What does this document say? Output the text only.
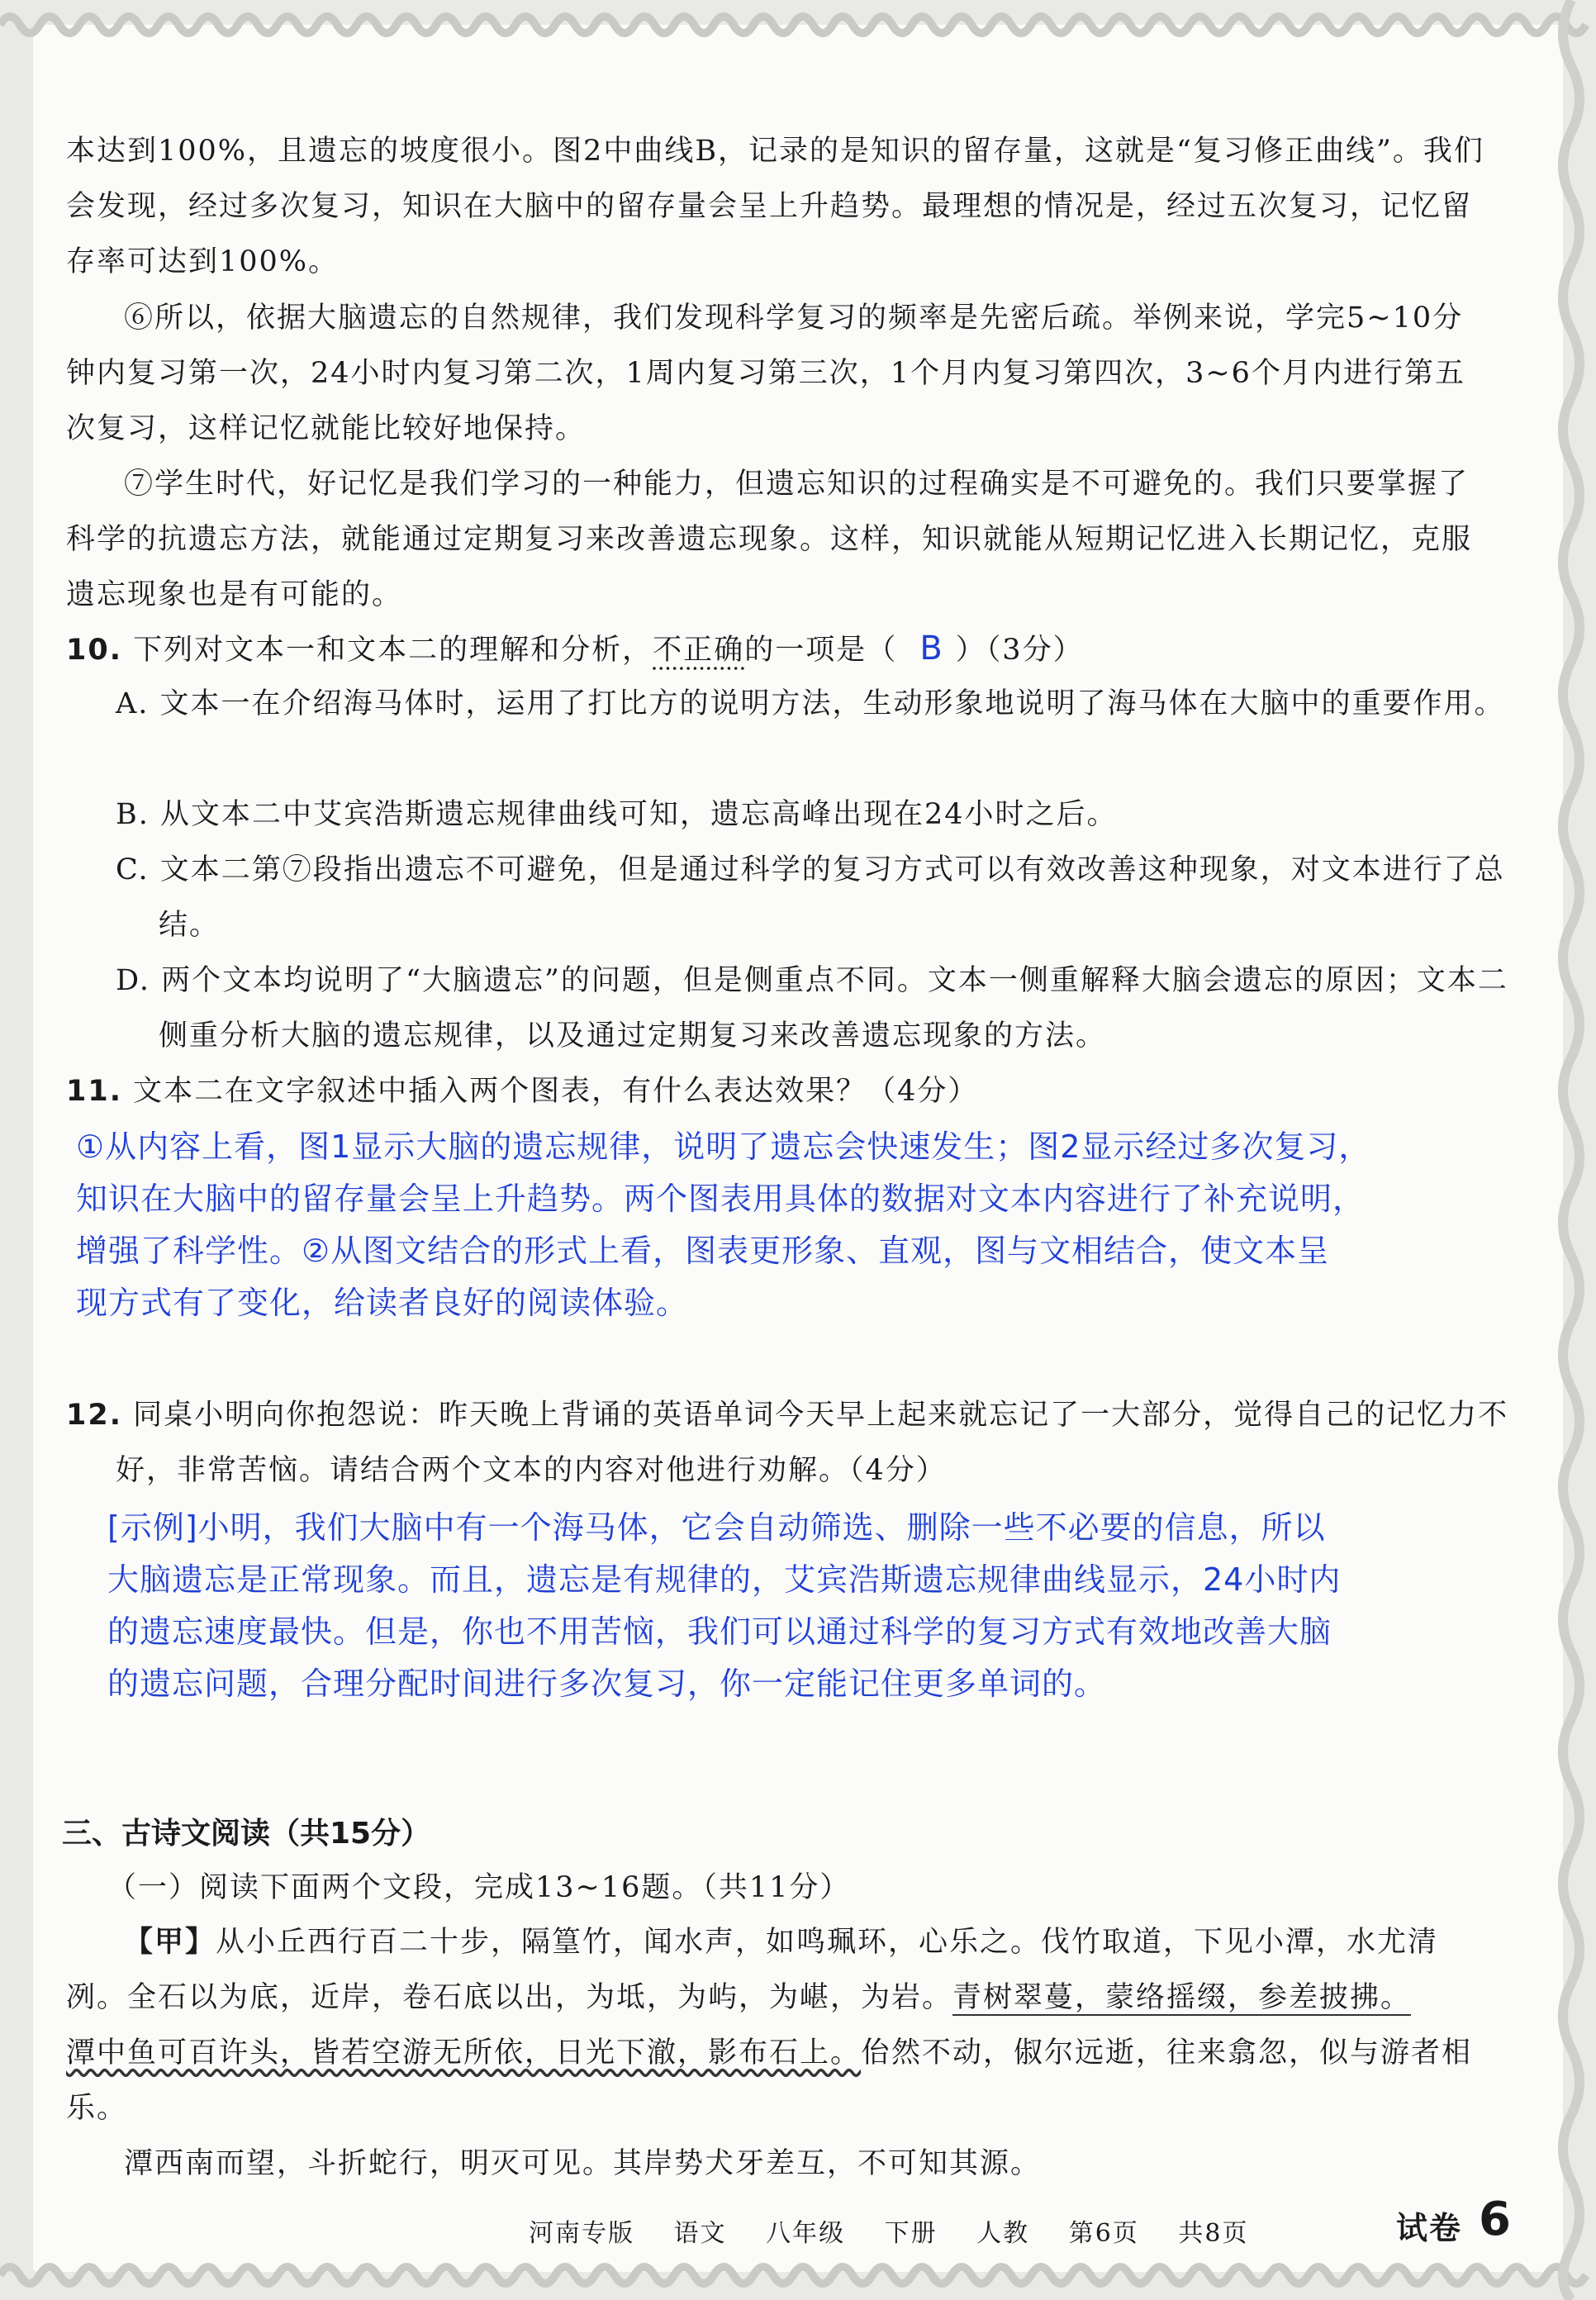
本达到100%，且遗忘的坡度很小。图2中曲线B，记录的是知识的留存量，这就是“复习修正曲线”。我们会发现，经过多次复习，知识在大脑中的留存量会呈上升趋势。最理想的情况是，经过五次复习，记忆留存率可达到100%。

⑥所以，依据大脑遗忘的自然规律，我们发现科学复习的频率是先密后疏。举例来说，学完5~10分钟内复习第一次，24小时内复习第二次，1周内复习第三次，1个月内复习第四次，3~6个月内进行第五次复习，这样记忆就能比较好地保持。

⑦学生时代，好记忆是我们学习的一种能力，但遗忘知识的过程确实是不可避免的。我们只要掌握了科学的抗遗忘方法，就能通过定期复习来改善遗忘现象。这样，知识就能从短期记忆进入长期记忆，克服遗忘现象也是有可能的。

10. 下列对文本一和文本二的理解和分析，不正确的一项是（ B ）（3分）

A. 文本一在介绍海马体时，运用了打比方的说明方法，生动形象地说明了海马体在大脑中的重要作用。

B. 从文本二中艾宾浩斯遗忘规律曲线可知，遗忘高峰出现在24小时之后。

C. 文本二第⑦段指出遗忘不可避免，但是通过科学的复习方式可以有效改善这种现象，对文本进行了总结。

D. 两个文本均说明了“大脑遗忘”的问题，但是侧重点不同。文本一侧重解释大脑会遗忘的原因；文本二侧重分析大脑的遗忘规律，以及通过定期复习来改善遗忘现象的方法。

11. 文本二在文字叙述中插入两个图表，有什么表达效果？（4分）

①从内容上看，图1显示大脑的遗忘规律，说明了遗忘会快速发生；图2显示经过多次复习，

知识在大脑中的留存量会呈上升趋势。两个图表用具体的数据对文本内容进行了补充说明，

增强了科学性。②从图文结合的形式上看，图表更形象、直观，图与文相结合，使文本呈

现方式有了变化，给读者良好的阅读体验。

12. 同桌小明向你抱怨说：昨天晚上背诵的英语单词今天早上起来就忘记了一大部分，觉得自己的记忆力不好，非常苦恼。请结合两个文本的内容对他进行劝解。（4分）

[示例]小明，我们大脑中有一个海马体，它会自动筛选、删除一些不必要的信息，所以

大脑遗忘是正常现象。而且，遗忘是有规律的，艾宾浩斯遗忘规律曲线显示，24小时内

的遗忘速度最快。但是，你也不用苦恼，我们可以通过科学的复习方式有效地改善大脑

的遗忘问题，合理分配时间进行多次复习，你一定能记住更多单词的。

三、古诗文阅读（共15分）

（一）阅读下面两个文段，完成13~16题。（共11分）

【甲】从小丘西行百二十步，隔篁竹，闻水声，如鸣珮环，心乐之。伐竹取道，下见小潭，水尤清冽。全石以为底，近岸，卷石底以出，为坻，为屿，为嵁，为岩。青树翠蔓，蒙络摇缀，参差披拂。
潭中鱼可百许头，皆若空游无所依，日光下澈，影布石上。佁然不动，俶尔远逝，往来翕忽，似与游者相乐。

潭西南而望，斗折蛇行，明灭可见。其岸势犬牙差互，不可知其源。

河南专版 语文 八年级 下册 人教 第6页 共8页	试卷 6
